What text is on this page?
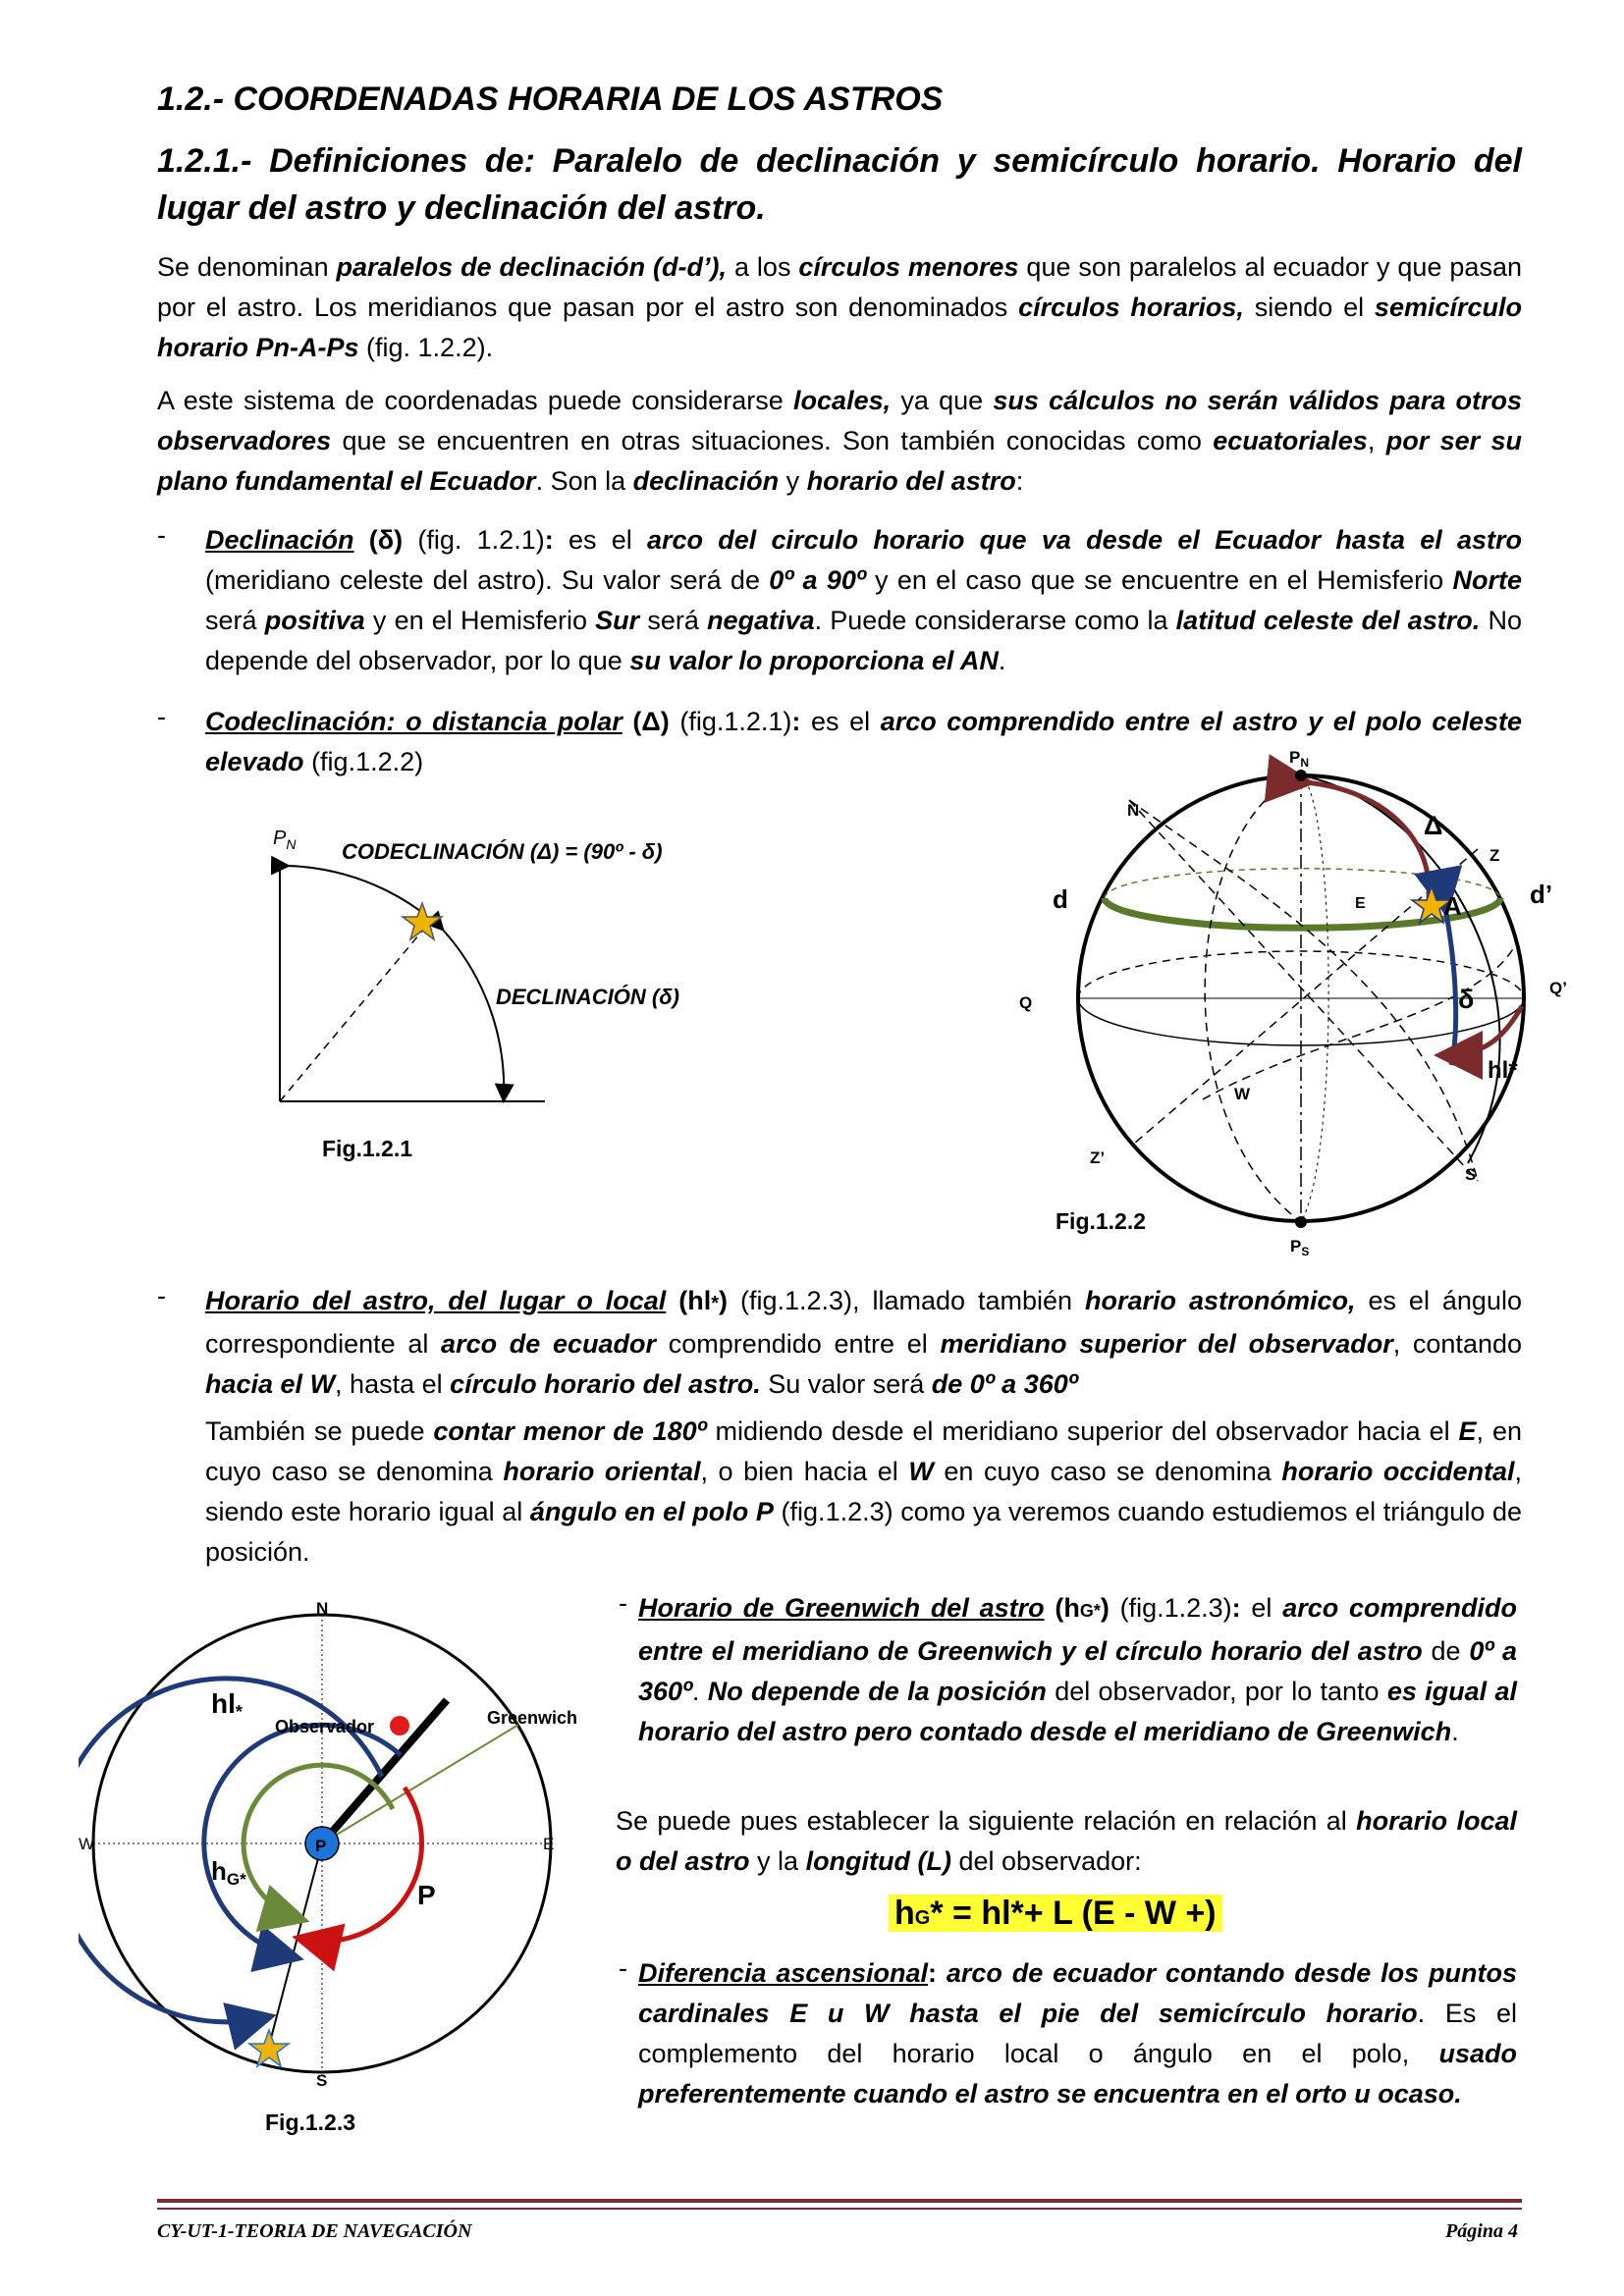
1.2.- COORDENADAS HORARIA DE LOS ASTROS
1.2.1.- Definiciones de: Paralelo de declinación y semicírculo horario. Horario del lugar del astro y declinación del astro.
Se denominan paralelos de declinación (d-d’), a los círculos menores que son paralelos al ecuador y que pasan por el astro. Los meridianos que pasan por el astro son denominados círculos horarios, siendo el semicírculo horario Pn-A-Ps (fig. 1.2.2).
A este sistema de coordenadas puede considerarse locales, ya que sus cálculos no serán válidos para otros observadores que se encuentren en otras situaciones. Son también conocidas como ecuatoriales, por ser su plano fundamental el Ecuador. Son la declinación y horario del astro:
- Declinación (δ) (fig. 1.2.1): es el arco del circulo horario que va desde el Ecuador hasta el astro (meridiano celeste del astro). Su valor será de 0º a 90º y en el caso que se encuentre en el Hemisferio Norte será positiva y en el Hemisferio Sur será negativa. Puede considerarse como la latitud celeste del astro. No depende del observador, por lo que su valor lo proporciona el AN.
- Codeclinación: o distancia polar (Δ) (fig.1.2.1): es el arco comprendido entre el astro y el polo celeste elevado (fig.1.2.2)
$P_N$ CODECLINACIÓN (Δ) = (90º - δ)
DECLINACIÓN (δ)
Fig.1.2.1
$P_N$
$P_S$
N
Z
Z’
d	d’
E	A
Δ
δ
hl*
Q
Q’
W
S
Fig.1.2.2
- Horario del astro, del lugar o local (hl*) (fig.1.2.3), llamado también horario astronómico, es el ángulo correspondiente al arco de ecuador comprendido entre el meridiano superior del observador, contando hacia el W, hasta el círculo horario del astro. Su valor será de 0º a 360º
También se puede contar menor de 180º midiendo desde el meridiano superior del observador hacia el E, en cuyo caso se denomina horario oriental, o bien hacia el W en cuyo caso se denomina horario occidental, siendo este horario igual al ángulo en el polo P (fig.1.2.3) como ya veremos cuando estudiemos el triángulo de posición.
N
S
W	E
hl*
Observador	Greenwich
P
hG*
P
Fig.1.2.3
- Horario de Greenwich del astro (hG*) (fig.1.2.3): el arco comprendido entre el meridiano de Greenwich y el círculo horario del astro de 0º a 360º. No depende de la posición del observador, por lo tanto es igual al horario del astro pero contado desde el meridiano de Greenwich.
Se puede pues establecer la siguiente relación en relación al horario local o del astro y la longitud (L) del observador:
hG* = hl*+ L (E - W +)
- Diferencia ascensional: arco de ecuador contando desde los puntos cardinales E u W hasta el pie del semicírculo horario. Es el complemento del horario local o ángulo en el polo, usado preferentemente cuando el astro se encuentra en el orto u ocaso.
CY-UT-1-TEORIA DE NAVEGACIÓN	Página 4
